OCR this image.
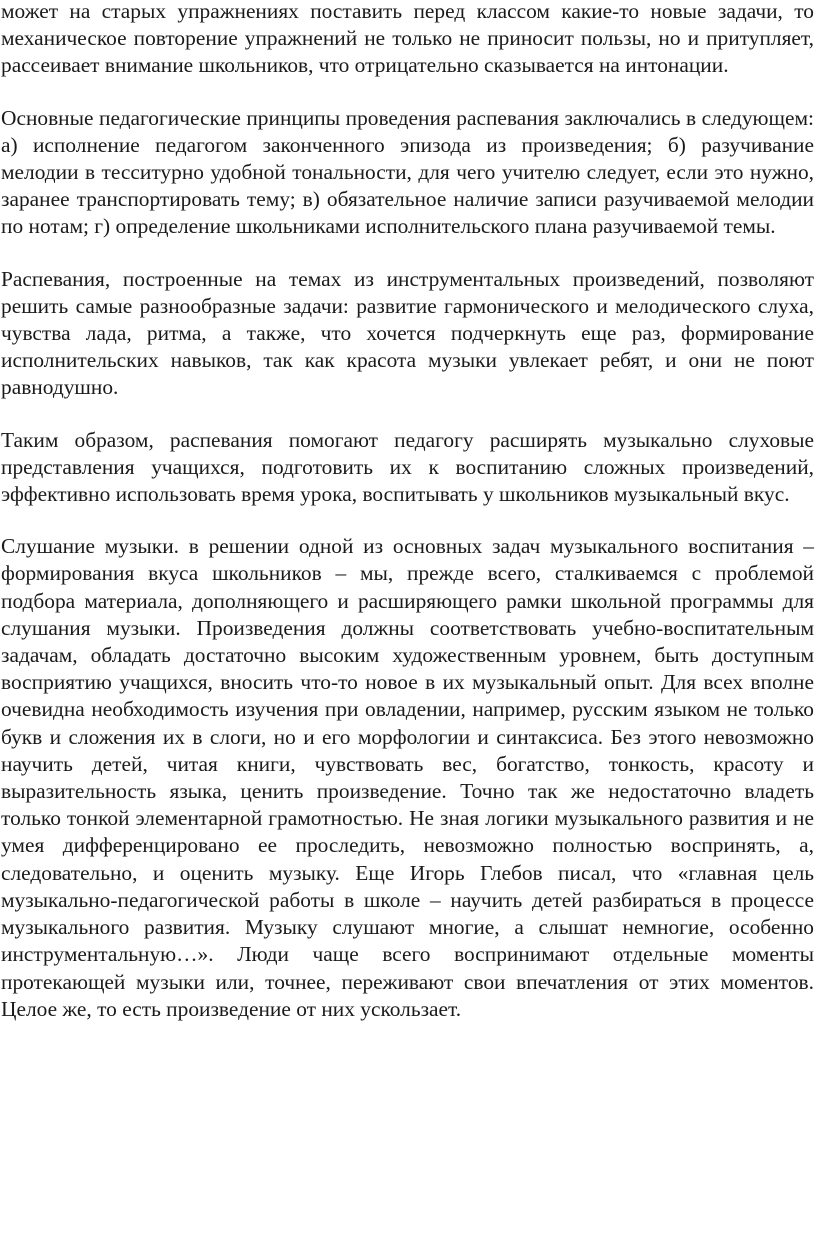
может на старых упражнениях поставить перед классом какие-то новые задачи, то механическое повторение упражнений не только не приносит пользы, но и притупляет, рассеивает внимание школьников, что отрицательно сказывается на интонации.

Основные педагогические принципы проведения распевания заключались в следующем: а) исполнение педагогом законченного эпизода из произведения; б) разучивание мелодии в тесситурно удобной тональности, для чего учителю следует, если это нужно, заранее транспортировать тему; в) обязательное наличие записи разучиваемой мелодии по нотам; г) определение школьниками исполнительского плана разучиваемой темы.

Распевания, построенные на темах из инструментальных произведений, позволяют решить самые разнообразные задачи: развитие гармонического и мелодического слуха, чувства лада, ритма, а также, что хочется подчеркнуть еще раз, формирование исполнительских навыков, так как красота музыки увлекает ребят, и они не поют равнодушно.

Таким образом, распевания помогают педагогу расширять музыкально слуховые представления учащихся, подготовить их к воспитанию сложных произведений, эффективно использовать время урока, воспитывать у школьников музыкальный вкус.

Слушание музыки. в решении одной из основных задач музыкального воспитания – формирования вкуса школьников – мы, прежде всего, сталкиваемся с проблемой подбора материала, дополняющего и расширяющего рамки школьной программы для слушания музыки. Произведения должны соответствовать учебно-воспитательным задачам, обладать достаточно высоким художественным уровнем, быть доступным восприятию учащихся, вносить что-то новое в их музыкальный опыт. Для всех вполне очевидна необходимость изучения при овладении, например, русским языком не только букв и сложения их в слоги, но и его морфологии и синтаксиса. Без этого невозможно научить детей, читая книги, чувствовать вес, богатство, тонкость, красоту и выразительность языка, ценить произведение. Точно так же недостаточно владеть только тонкой элементарной грамотностью. Не зная логики музыкального развития и не умея дифференцировано ее проследить, невозможно полностью воспринять, а, следовательно, и оценить музыку. Еще Игорь Глебов писал, что «главная цель музыкально-педагогической работы в школе – научить детей разбираться в процессе музыкального развития. Музыку слушают многие, а слышат немногие, особенно инструментальную…». Люди чаще всего воспринимают отдельные моменты протекающей музыки или, точнее, переживают свои впечатления от этих моментов. Целое же, то есть произведение от них ускользает.
